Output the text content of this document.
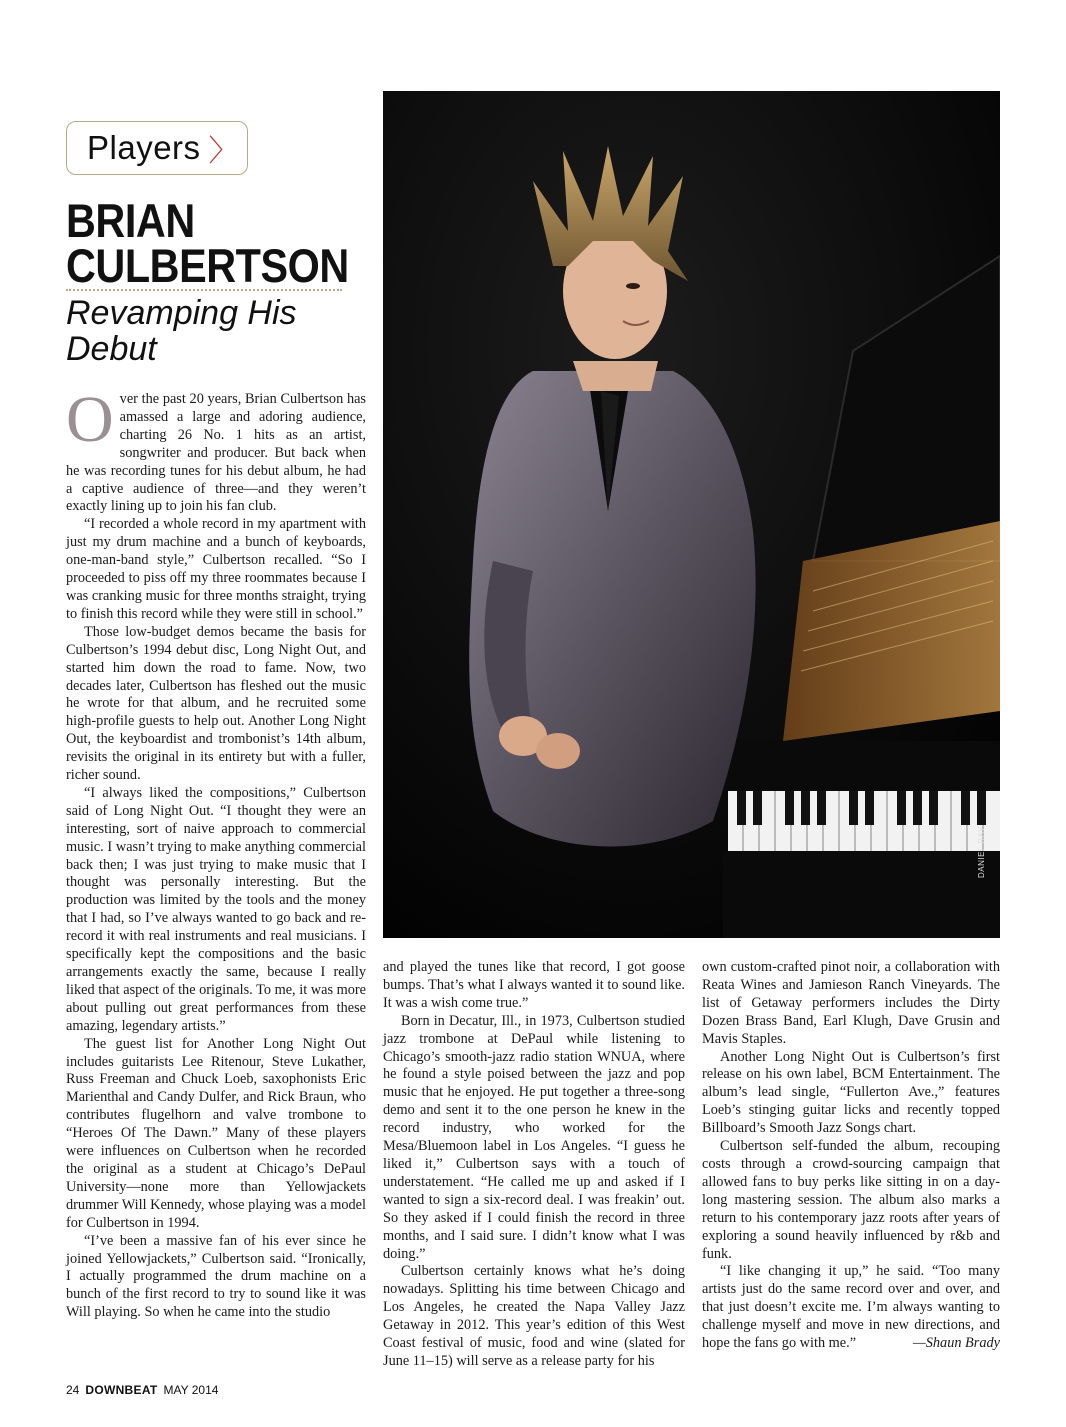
Players 〉
BRIAN
CULBERTSON
Revamping His Debut
DANIEL RAY
O ver the past 20 years, Brian Culbertson has amassed a large and adoring audience, charting 26 No. 1 hits as an artist, songwriter and producer. But back when he was recording tunes for his debut album, he had a captive audience of three—and they weren’t exactly lining up to join his fan club.

“I recorded a whole record in my apartment with just my drum machine and a bunch of keyboards, one-man-band style,” Culbertson recalled. “So I proceeded to piss off my three roommates because I was cranking music for three months straight, trying to finish this record while they were still in school.”

Those low-budget demos became the basis for Culbertson’s 1994 debut disc, Long Night Out, and started him down the road to fame. Now, two decades later, Culbertson has fleshed out the music he wrote for that album, and he recruited some high-profile guests to help out. Another Long Night Out, the keyboardist and trombonist’s 14th album, revisits the original in its entirety but with a fuller, richer sound.

“I always liked the compositions,” Culbertson said of Long Night Out. “I thought they were an interesting, sort of naive approach to commercial music. I wasn’t trying to make anything commercial back then; I was just trying to make music that I thought was personally interesting. But the production was limited by the tools and the money that I had, so I’ve always wanted to go back and re-record it with real instruments and real musicians. I specifically kept the compositions and the basic arrangements exactly the same, because I really liked that aspect of the originals. To me, it was more about pulling out great performances from these amazing, legendary artists.”

The guest list for Another Long Night Out includes guitarists Lee Ritenour, Steve Lukather, Russ Freeman and Chuck Loeb, saxophonists Eric Marienthal and Candy Dulfer, and Rick Braun, who contributes flugelhorn and valve trombone to “Heroes Of The Dawn.” Many of these players were influences on Culbertson when he recorded the original as a student at Chicago’s DePaul University—none more than Yellowjackets drummer Will Kennedy, whose playing was a model for Culbertson in 1994.

“I’ve been a massive fan of his ever since he joined Yellowjackets,” Culbertson said. “Ironically, I actually programmed the drum machine on a bunch of the first record to try to sound like it was Will playing. So when he came into the studio

and played the tunes like that record, I got goose bumps. That’s what I always wanted it to sound like. It was a wish come true.”

Born in Decatur, Ill., in 1973, Culbertson studied jazz trombone at DePaul while listening to Chicago’s smooth-jazz radio station WNUA, where he found a style poised between the jazz and pop music that he enjoyed. He put together a three-song demo and sent it to the one person he knew in the record industry, who worked for the Mesa/Bluemoon label in Los Angeles. “I guess he liked it,” Culbertson says with a touch of understatement. “He called me up and asked if I wanted to sign a six-record deal. I was freakin’ out. So they asked if I could finish the record in three months, and I said sure. I didn’t know what I was doing.”

Culbertson certainly knows what he’s doing nowadays. Splitting his time between Chicago and Los Angeles, he created the Napa Valley Jazz Getaway in 2012. This year’s edition of this West Coast festival of music, food and wine (slated for June 11–15) will serve as a release party for his

own custom-crafted pinot noir, a collaboration with Reata Wines and Jamieson Ranch Vineyards. The list of Getaway performers includes the Dirty Dozen Brass Band, Earl Klugh, Dave Grusin and Mavis Staples.

Another Long Night Out is Culbertson’s first release on his own label, BCM Entertainment. The album’s lead single, “Fullerton Ave.,” features Loeb’s stinging guitar licks and recently topped Billboard’s Smooth Jazz Songs chart.

Culbertson self-funded the album, recouping costs through a crowd-sourcing campaign that allowed fans to buy perks like sitting in on a day-long mastering session. The album also marks a return to his contemporary jazz roots after years of exploring a sound heavily influenced by r&b and funk.

“I like changing it up,” he said. “Too many artists just do the same record over and over, and that just doesn’t excite me. I’m always wanting to challenge myself and move in new directions, and hope the fans go with me.”	—Shaun Brady

24 DOWNBEAT MAY 2014
